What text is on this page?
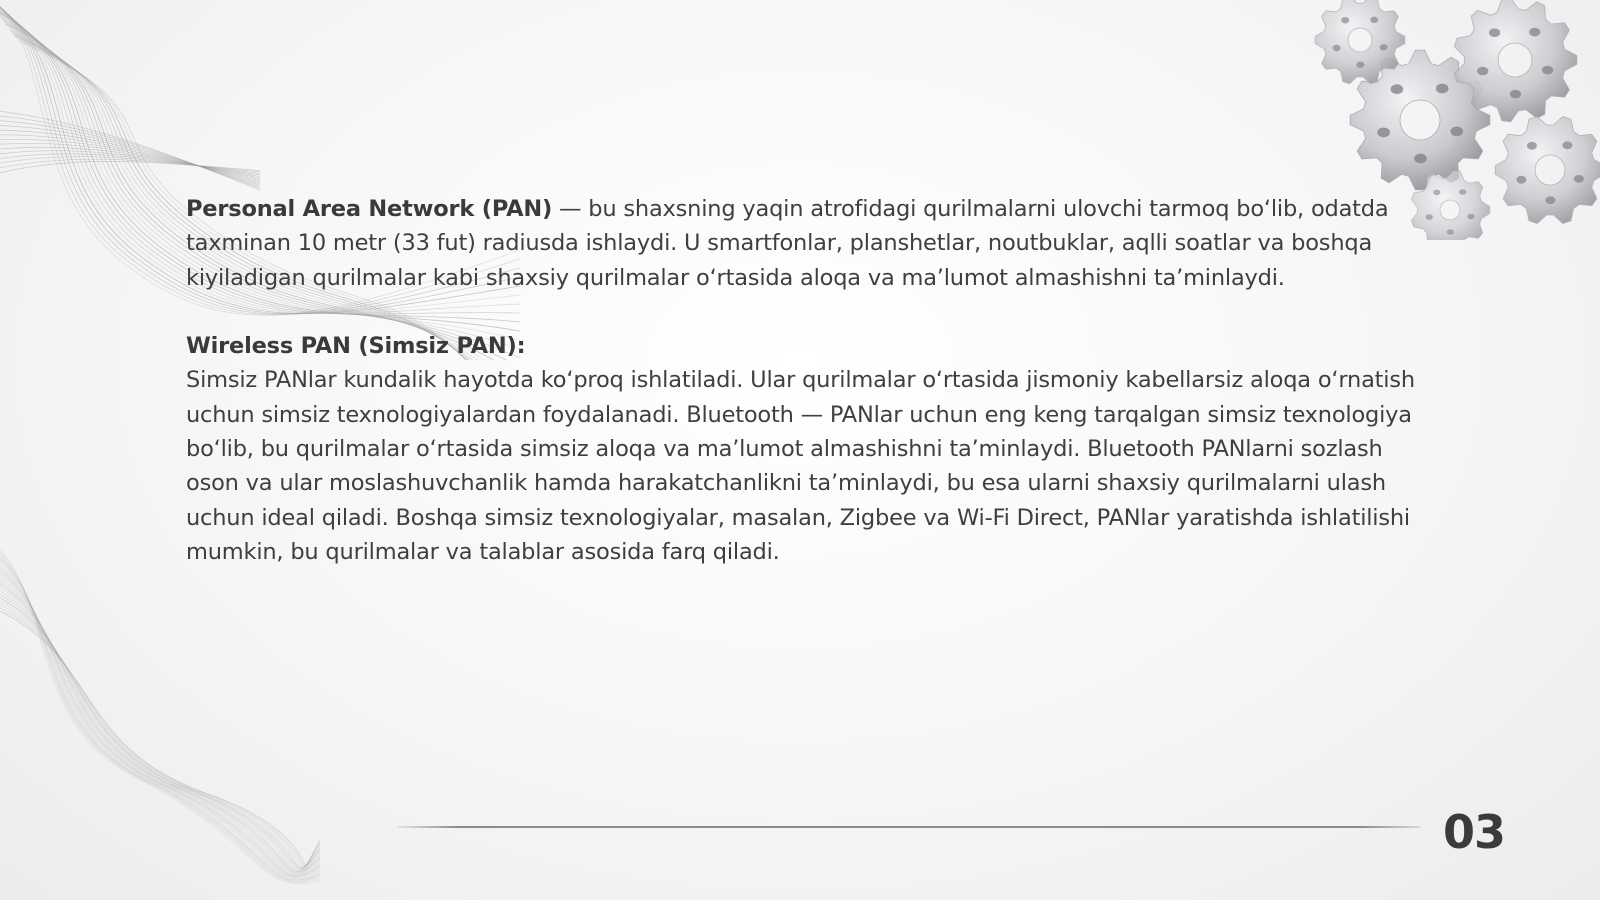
Personal Area Network (PAN) — bu shaxsning yaqin atrofidagi qurilmalarni ulovchi tarmoq bo‘lib, odatda taxminan 10 metr (33 fut) radiusda ishlaydi. U smartfonlar, planshetlar, noutbuklar, aqlli soatlar va boshqa kiyiladigan qurilmalar kabi shaxsiy qurilmalar o‘rtasida aloqa va ma’lumot almashishni ta’minlaydi.

Wireless PAN (Simsiz PAN):

Simsiz PANlar kundalik hayotda ko‘proq ishlatiladi. Ular qurilmalar o‘rtasida jismoniy kabellarsiz aloqa o‘rnatish uchun simsiz texnologiyalardan foydalanadi. Bluetooth — PANlar uchun eng keng tarqalgan simsiz texnologiya bo‘lib, bu qurilmalar o‘rtasida simsiz aloqa va ma’lumot almashishni ta’minlaydi. Bluetooth PANlarni sozlash oson va ular moslashuvchanlik hamda harakatchanlikni ta’minlaydi, bu esa ularni shaxsiy qurilmalarni ulash uchun ideal qiladi. Boshqa simsiz texnologiyalar, masalan, Zigbee va Wi-Fi Direct, PANlar yaratishda ishlatilishi mumkin, bu qurilmalar va talablar asosida farq qiladi.

03
